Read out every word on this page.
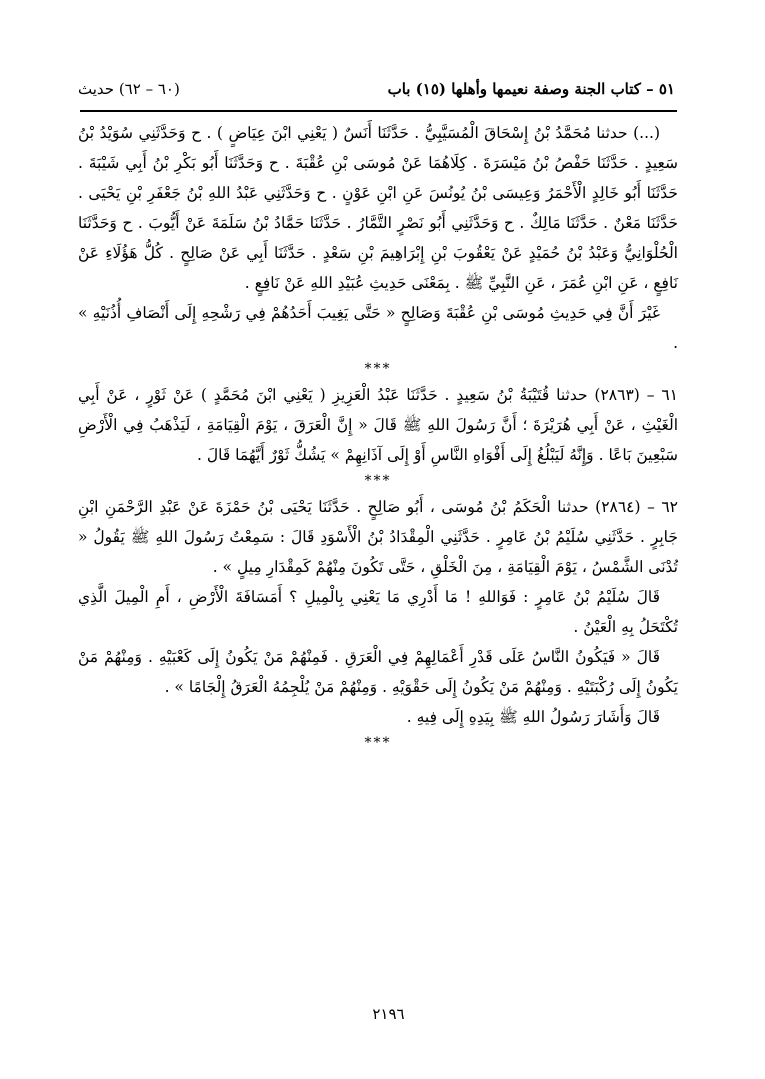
(٦٠ – ٦٢) حديث	٥١ – كتاب الجنة وصفة نعيمها وأهلها (١٥) باب

(...) حدثنا مُحَمَّدُ بْنُ إِسْحَاقَ الْمُسَيَّبِيُّ . حَدَّثَنَا أَنَسٌ ( يَعْنِي ابْنَ عِيَاضٍ ) . ح وَحَدَّثَنِي سُوَيْدُ بْنُ سَعِيدٍ . حَدَّثَنَا حَفْصُ بْنُ مَيْسَرَةَ . كِلَاهُمَا عَنْ مُوسَى بْنِ عُقْبَةَ . ح وَحَدَّثَنَا أَبُو بَكْرِ بْنُ أَبِي شَيْبَةَ . حَدَّثَنَا أَبُو خَالِدٍ الْأَحْمَرُ وَعِيسَى بْنُ يُونُسَ عَنِ ابْنِ عَوْنٍ . ح وَحَدَّثَنِي عَبْدُ اللهِ بْنُ جَعْفَرِ بْنِ يَحْيَى . حَدَّثَنَا مَعْنٌ . حَدَّثَنَا مَالِكٌ . ح وَحَدَّثَنِي أَبُو نَصْرٍ التَّمَّارُ . حَدَّثَنَا حَمَّادُ بْنُ سَلَمَةَ عَنْ أَيُّوبَ . ح وَحَدَّثَنَا الْحُلْوَانِيُّ وَعَبْدُ بْنُ حُمَيْدٍ عَنْ يَعْقُوبَ بْنِ إِبْرَاهِيمَ بْنِ سَعْدٍ . حَدَّثَنَا أَبِي عَنْ صَالِحٍ . كُلُّ هَؤُلَاءِ عَنْ نَافِعٍ ، عَنِ ابْنِ عُمَرَ ، عَنِ النَّبِيِّ ﷺ . بِمَعْنَى حَدِيثِ عُبَيْدِ اللهِ عَنْ نَافِعٍ .

غَيْرَ أَنَّ فِي حَدِيثِ مُوسَى بْنِ عُقْبَةَ وَصَالِحٍ « حَتَّى يَغِيبَ أَحَدُهُمْ فِي رَشْحِهِ إِلَى أَنْصَافِ أُذُنَيْهِ » .

***

٦١ – (٢٨٦٣) حدثنا قُتَيْبَةُ بْنُ سَعِيدٍ . حَدَّثَنَا عَبْدُ الْعَزِيزِ ( يَعْنِي ابْنَ مُحَمَّدٍ ) عَنْ ثَوْرٍ ، عَنْ أَبِي الْغَيْثِ ، عَنْ أَبِي هُرَيْرَةَ ؛ أَنَّ رَسُولَ اللهِ ﷺ قَالَ « إِنَّ الْعَرَقَ ، يَوْمَ الْقِيَامَةِ ، لَيَذْهَبُ فِي الْأَرْضِ سَبْعِينَ بَاعًا . وَإِنَّهُ لَيَبْلُغُ إِلَى أَفْوَاهِ النَّاسِ أَوْ إِلَى آذَانِهِمْ » يَشُكُّ ثَوْرٌ أَيَّهُمَا قَالَ .

***

٦٢ – (٢٨٦٤) حدثنا الْحَكَمُ بْنُ مُوسَى ، أَبُو صَالِحٍ . حَدَّثَنَا يَحْيَى بْنُ حَمْزَةَ عَنْ عَبْدِ الرَّحْمَنِ ابْنِ جَابِرٍ . حَدَّثَنِي سُلَيْمُ بْنُ عَامِرٍ . حَدَّثَنِي الْمِقْدَادُ بْنُ الْأَسْوَدِ قَالَ : سَمِعْتُ رَسُولَ اللهِ ﷺ يَقُولُ « تُدْنَى الشَّمْسُ ، يَوْمَ الْقِيَامَةِ ، مِنَ الْخَلْقِ ، حَتَّى تَكُونَ مِنْهُمْ كَمِقْدَارِ مِيلٍ » .

قَالَ سُلَيْمُ بْنُ عَامِرٍ : فَوَاللهِ ! مَا أَدْرِي مَا يَعْنِي بِالْمِيلِ ؟ أَمَسَافَةَ الْأَرْضِ ، أَمِ الْمِيلَ الَّذِي تُكْتَحَلُ بِهِ الْعَيْنُ .

قَالَ « فَيَكُونُ النَّاسُ عَلَى قَدْرِ أَعْمَالِهِمْ فِي الْعَرَقِ . فَمِنْهُمْ مَنْ يَكُونُ إِلَى كَعْبَيْهِ . وَمِنْهُمْ مَنْ يَكُونُ إِلَى رُكْبَتَيْهِ . وَمِنْهُمْ مَنْ يَكُونُ إِلَى حَقْوَيْهِ . وَمِنْهُمْ مَنْ يُلْجِمُهُ الْعَرَقُ إِلْجَامًا » .

قَالَ وَأَشَارَ رَسُولُ اللهِ ﷺ بِيَدِهِ إِلَى فِيهِ .

***

٢١٩٦
